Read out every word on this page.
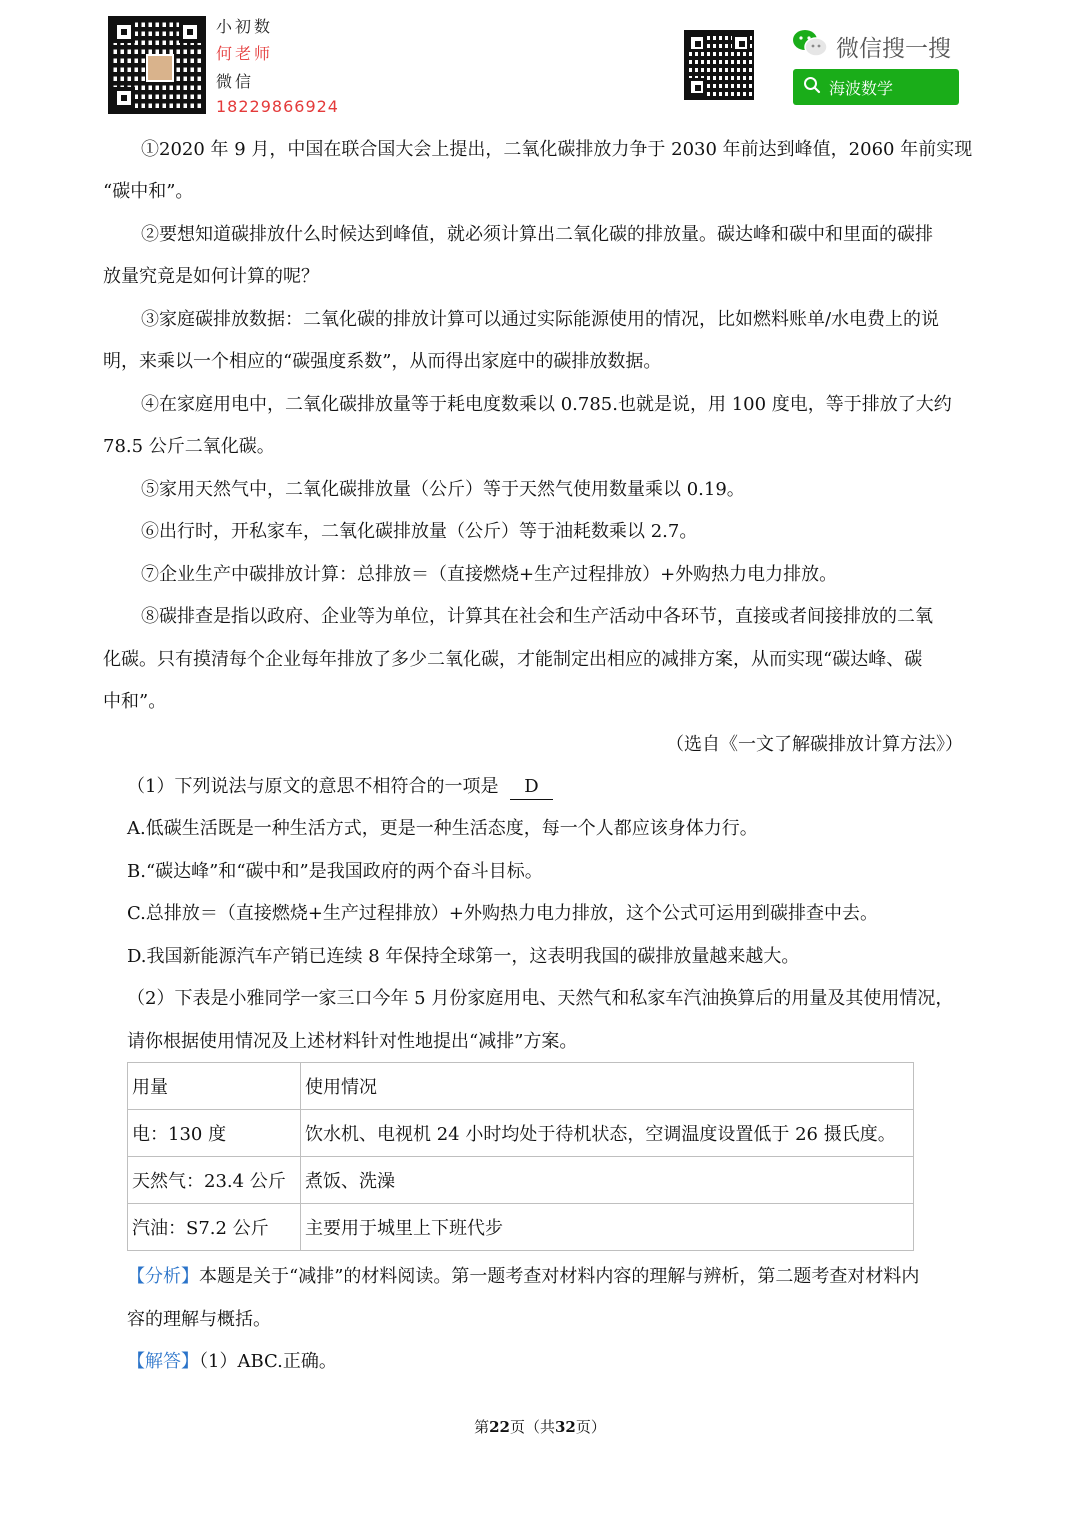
小初数
何老师
微信
18229866924
微信搜一搜
海波数学

①2020 年 9 月，中国在联合国大会上提出，二氧化碳排放力争于 2030 年前达到峰值，2060 年前实现

“碳中和”。

②要想知道碳排放什么时候达到峰值，就必须计算出二氧化碳的排放量。碳达峰和碳中和里面的碳排

放量究竟是如何计算的呢？

③家庭碳排放数据：二氧化碳的排放计算可以通过实际能源使用的情况，比如燃料账单/水电费上的说

明，来乘以一个相应的“碳强度系数”，从而得出家庭中的碳排放数据。

④在家庭用电中，二氧化碳排放量等于耗电度数乘以 0.785.也就是说，用 100 度电，等于排放了大约

78.5 公斤二氧化碳。

⑤家用天然气中，二氧化碳排放量（公斤）等于天然气使用数量乘以 0.19。

⑥出行时，开私家车，二氧化碳排放量（公斤）等于油耗数乘以 2.7。

⑦企业生产中碳排放计算：总排放＝（直接燃烧+生产过程排放）+外购热力电力排放。

⑧碳排查是指以政府、企业等为单位，计算其在社会和生产活动中各环节，直接或者间接排放的二氧

化碳。只有摸清每个企业每年排放了多少二氧化碳，才能制定出相应的减排方案，从而实现“碳达峰、碳

中和”。

（选自《一文了解碳排放计算方法》）

（1）下列说法与原文的意思不相符合的一项是 D

A.低碳生活既是一种生活方式，更是一种生活态度，每一个人都应该身体力行。

B.“碳达峰”和“碳中和”是我国政府的两个奋斗目标。

C.总排放＝（直接燃烧+生产过程排放）+外购热力电力排放，这个公式可运用到碳排查中去。

D.我国新能源汽车产销已连续 8 年保持全球第一，这表明我国的碳排放量越来越大。

（2）下表是小雅同学一家三口今年 5 月份家庭用电、天然气和私家车汽油换算后的用量及其使用情况，

请你根据使用情况及上述材料针对性地提出“减排”方案。

用量	使用情况
电：130 度	饮水机、电视机 24 小时均处于待机状态，空调温度设置低于 26 摄氏度。
天然气：23.4 公斤	煮饭、洗澡
汽油：S7.2 公斤	主要用于城里上下班代步

【分析】本题是关于“减排”的材料阅读。第一题考查对材料内容的理解与辨析，第二题考查对材料内

容的理解与概括。

【解答】（1）ABC.正确。

第22页（共32页）
